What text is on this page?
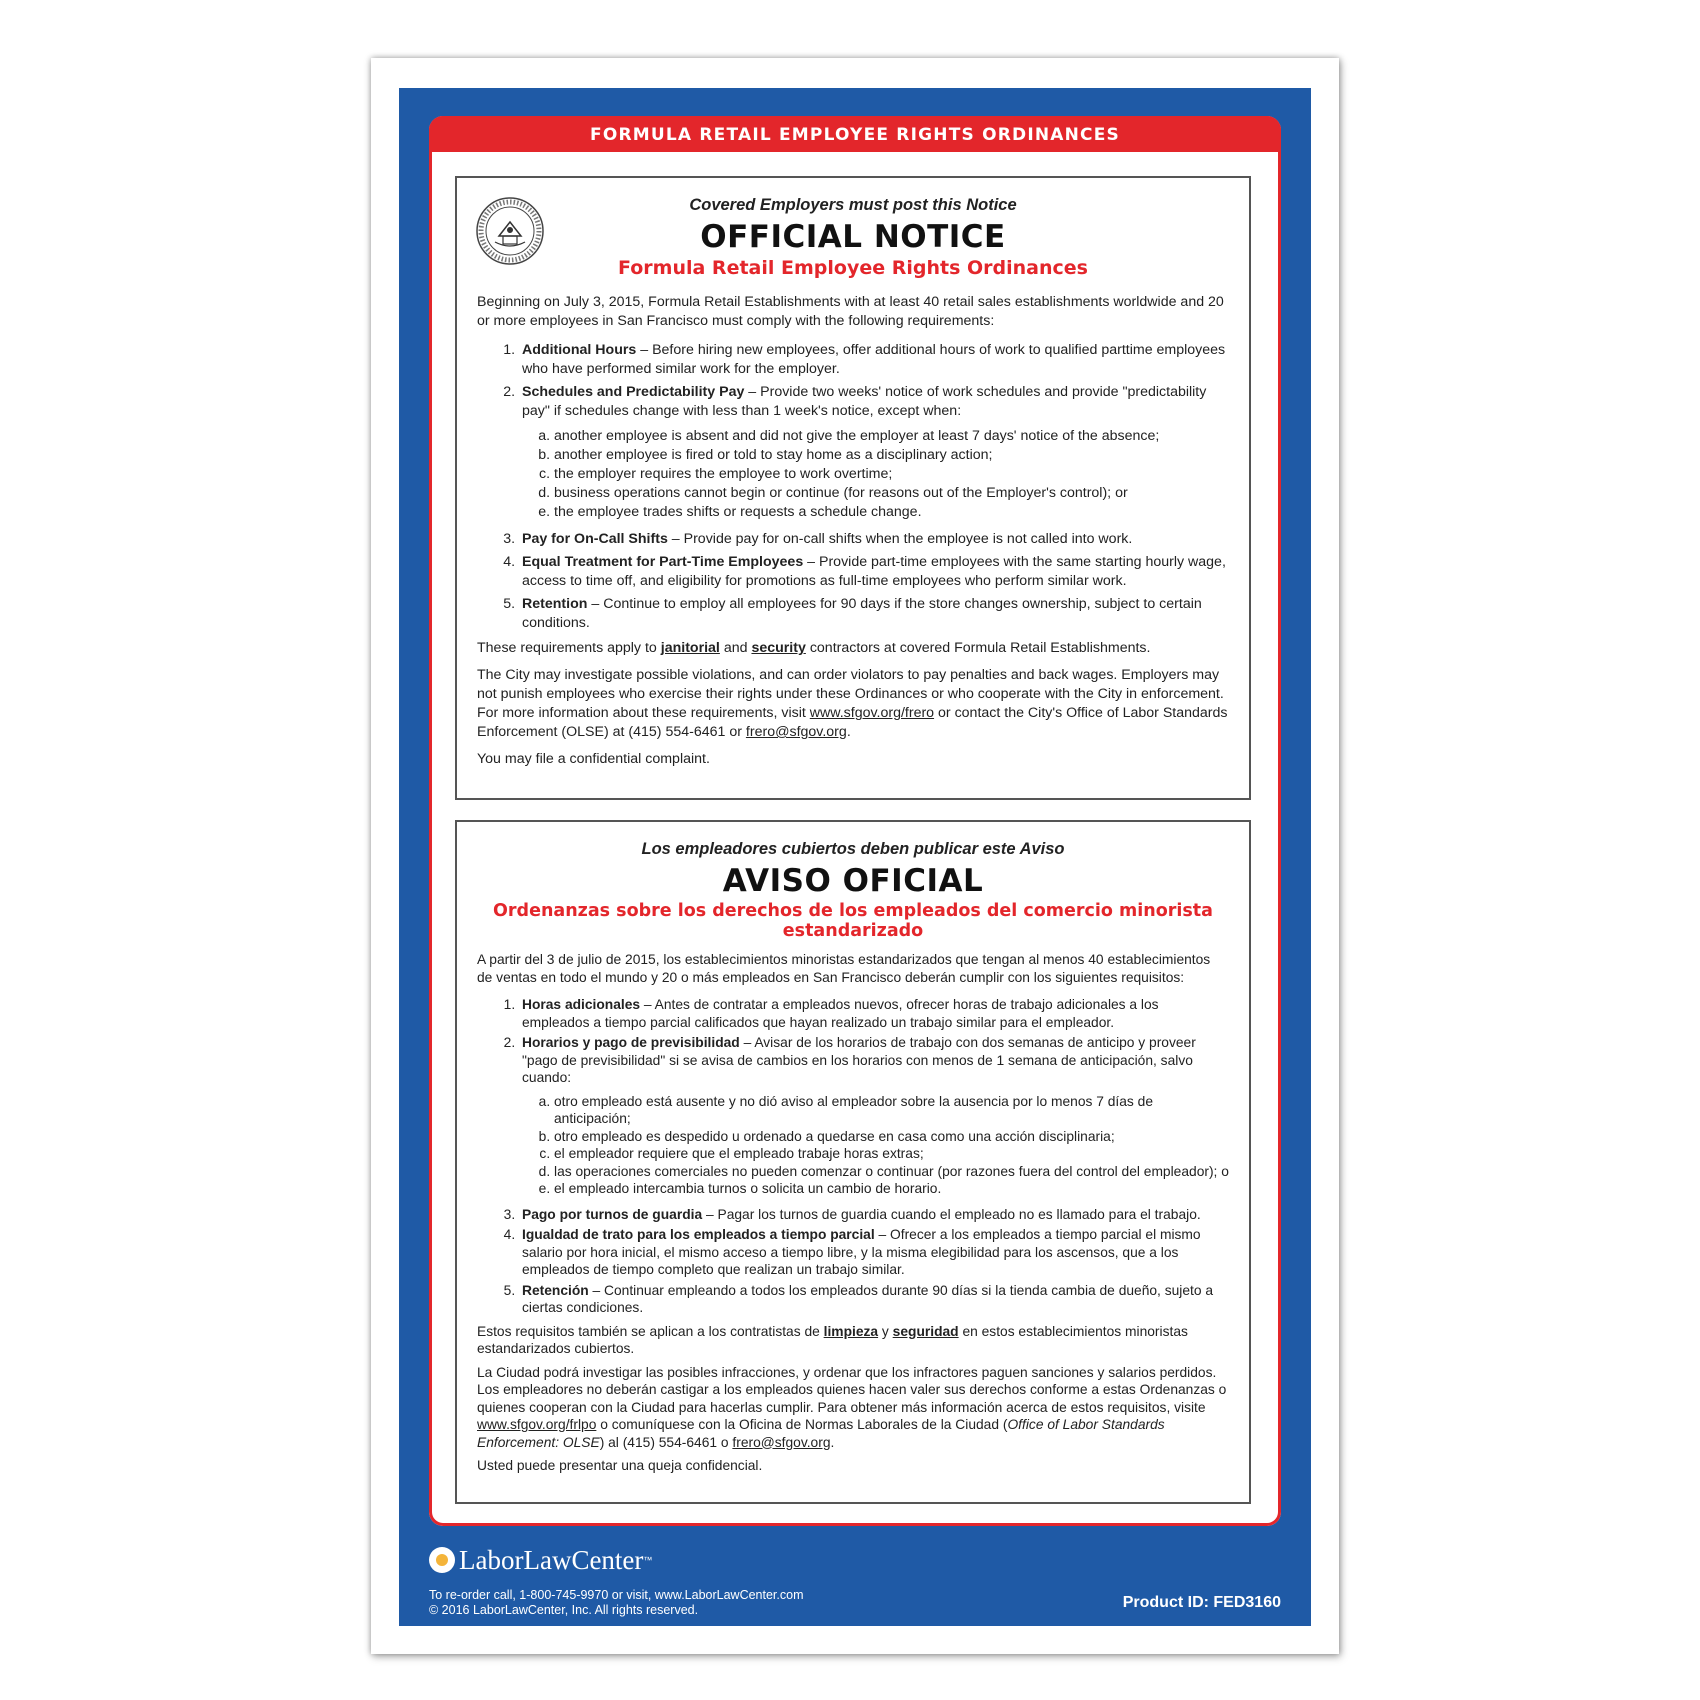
FORMULA RETAIL EMPLOYEE RIGHTS ORDINANCES
Covered Employers must post this Notice
OFFICIAL NOTICE
Formula Retail Employee Rights Ordinances

Beginning on July 3, 2015, Formula Retail Establishments with at least 40 retail sales establishments worldwide and 20 or more employees in San Francisco must comply with the following requirements:

1. Additional Hours – Before hiring new employees, offer additional hours of work to qualified parttime employees who have performed similar work for the employer.
2. Schedules and Predictability Pay – Provide two weeks' notice of work schedules and provide "predictability pay" if schedules change with less than 1 week's notice, except when:
a. another employee is absent and did not give the employer at least 7 days' notice of the absence;
b. another employee is fired or told to stay home as a disciplinary action;
c. the employer requires the employee to work overtime;
d. business operations cannot begin or continue (for reasons out of the Employer's control); or
e. the employee trades shifts or requests a schedule change.
3. Pay for On-Call Shifts – Provide pay for on-call shifts when the employee is not called into work.
4. Equal Treatment for Part-Time Employees – Provide part-time employees with the same starting hourly wage, access to time off, and eligibility for promotions as full-time employees who perform similar work.
5. Retention – Continue to employ all employees for 90 days if the store changes ownership, subject to certain conditions.

These requirements apply to janitorial and security contractors at covered Formula Retail Establishments.

The City may investigate possible violations, and can order violators to pay penalties and back wages. Employers may not punish employees who exercise their rights under these Ordinances or who cooperate with the City in enforcement. For more information about these requirements, visit www.sfgov.org/frero or contact the City's Office of Labor Standards Enforcement (OLSE) at (415) 554-6461 or frero@sfgov.org.

You may file a confidential complaint.

Los empleadores cubiertos deben publicar este Aviso
AVISO OFICIAL
Ordenanzas sobre los derechos de los empleados del comercio minorista estandarizado

A partir del 3 de julio de 2015, los establecimientos minoristas estandarizados que tengan al menos 40 establecimientos de ventas en todo el mundo y 20 o más empleados en San Francisco deberán cumplir con los siguientes requisitos:

1. Horas adicionales – Antes de contratar a empleados nuevos, ofrecer horas de trabajo adicionales a los empleados a tiempo parcial calificados que hayan realizado un trabajo similar para el empleador.
2. Horarios y pago de previsibilidad – Avisar de los horarios de trabajo con dos semanas de anticipo y proveer "pago de previsibilidad" si se avisa de cambios en los horarios con menos de 1 semana de anticipación, salvo cuando:
a. otro empleado está ausente y no dió aviso al empleador sobre la ausencia por lo menos 7 días de anticipación;
b. otro empleado es despedido u ordenado a quedarse en casa como una acción disciplinaria;
c. el empleador requiere que el empleado trabaje horas extras;
d. las operaciones comerciales no pueden comenzar o continuar (por razones fuera del control del empleador); o
e. el empleado intercambia turnos o solicita un cambio de horario.
3. Pago por turnos de guardia – Pagar los turnos de guardia cuando el empleado no es llamado para el trabajo.
4. Igualdad de trato para los empleados a tiempo parcial – Ofrecer a los empleados a tiempo parcial el mismo salario por hora inicial, el mismo acceso a tiempo libre, y la misma elegibilidad para los ascensos, que a los empleados de tiempo completo que realizan un trabajo similar.
5. Retención – Continuar empleando a todos los empleados durante 90 días si la tienda cambia de dueño, sujeto a ciertas condiciones.

Estos requisitos también se aplican a los contratistas de limpieza y seguridad en estos establecimientos minoristas estandarizados cubiertos.

La Ciudad podrá investigar las posibles infracciones, y ordenar que los infractores paguen sanciones y salarios perdidos. Los empleadores no deberán castigar a los empleados quienes hacen valer sus derechos conforme a estas Ordenanzas o quienes cooperan con la Ciudad para hacerlas cumplir. Para obtener más información acerca de estos requisitos, visite www.sfgov.org/frlpo o comuníquese con la Oficina de Normas Laborales de la Ciudad (Office of Labor Standards Enforcement: OLSE) al (415) 554-6461 o frero@sfgov.org.

Usted puede presentar una queja confidencial.

LaborLawCenter ™
To re-order call, 1-800-745-9970 or visit, www.LaborLawCenter.com
© 2016 LaborLawCenter, Inc. All rights reserved.	Product ID: FED3160
